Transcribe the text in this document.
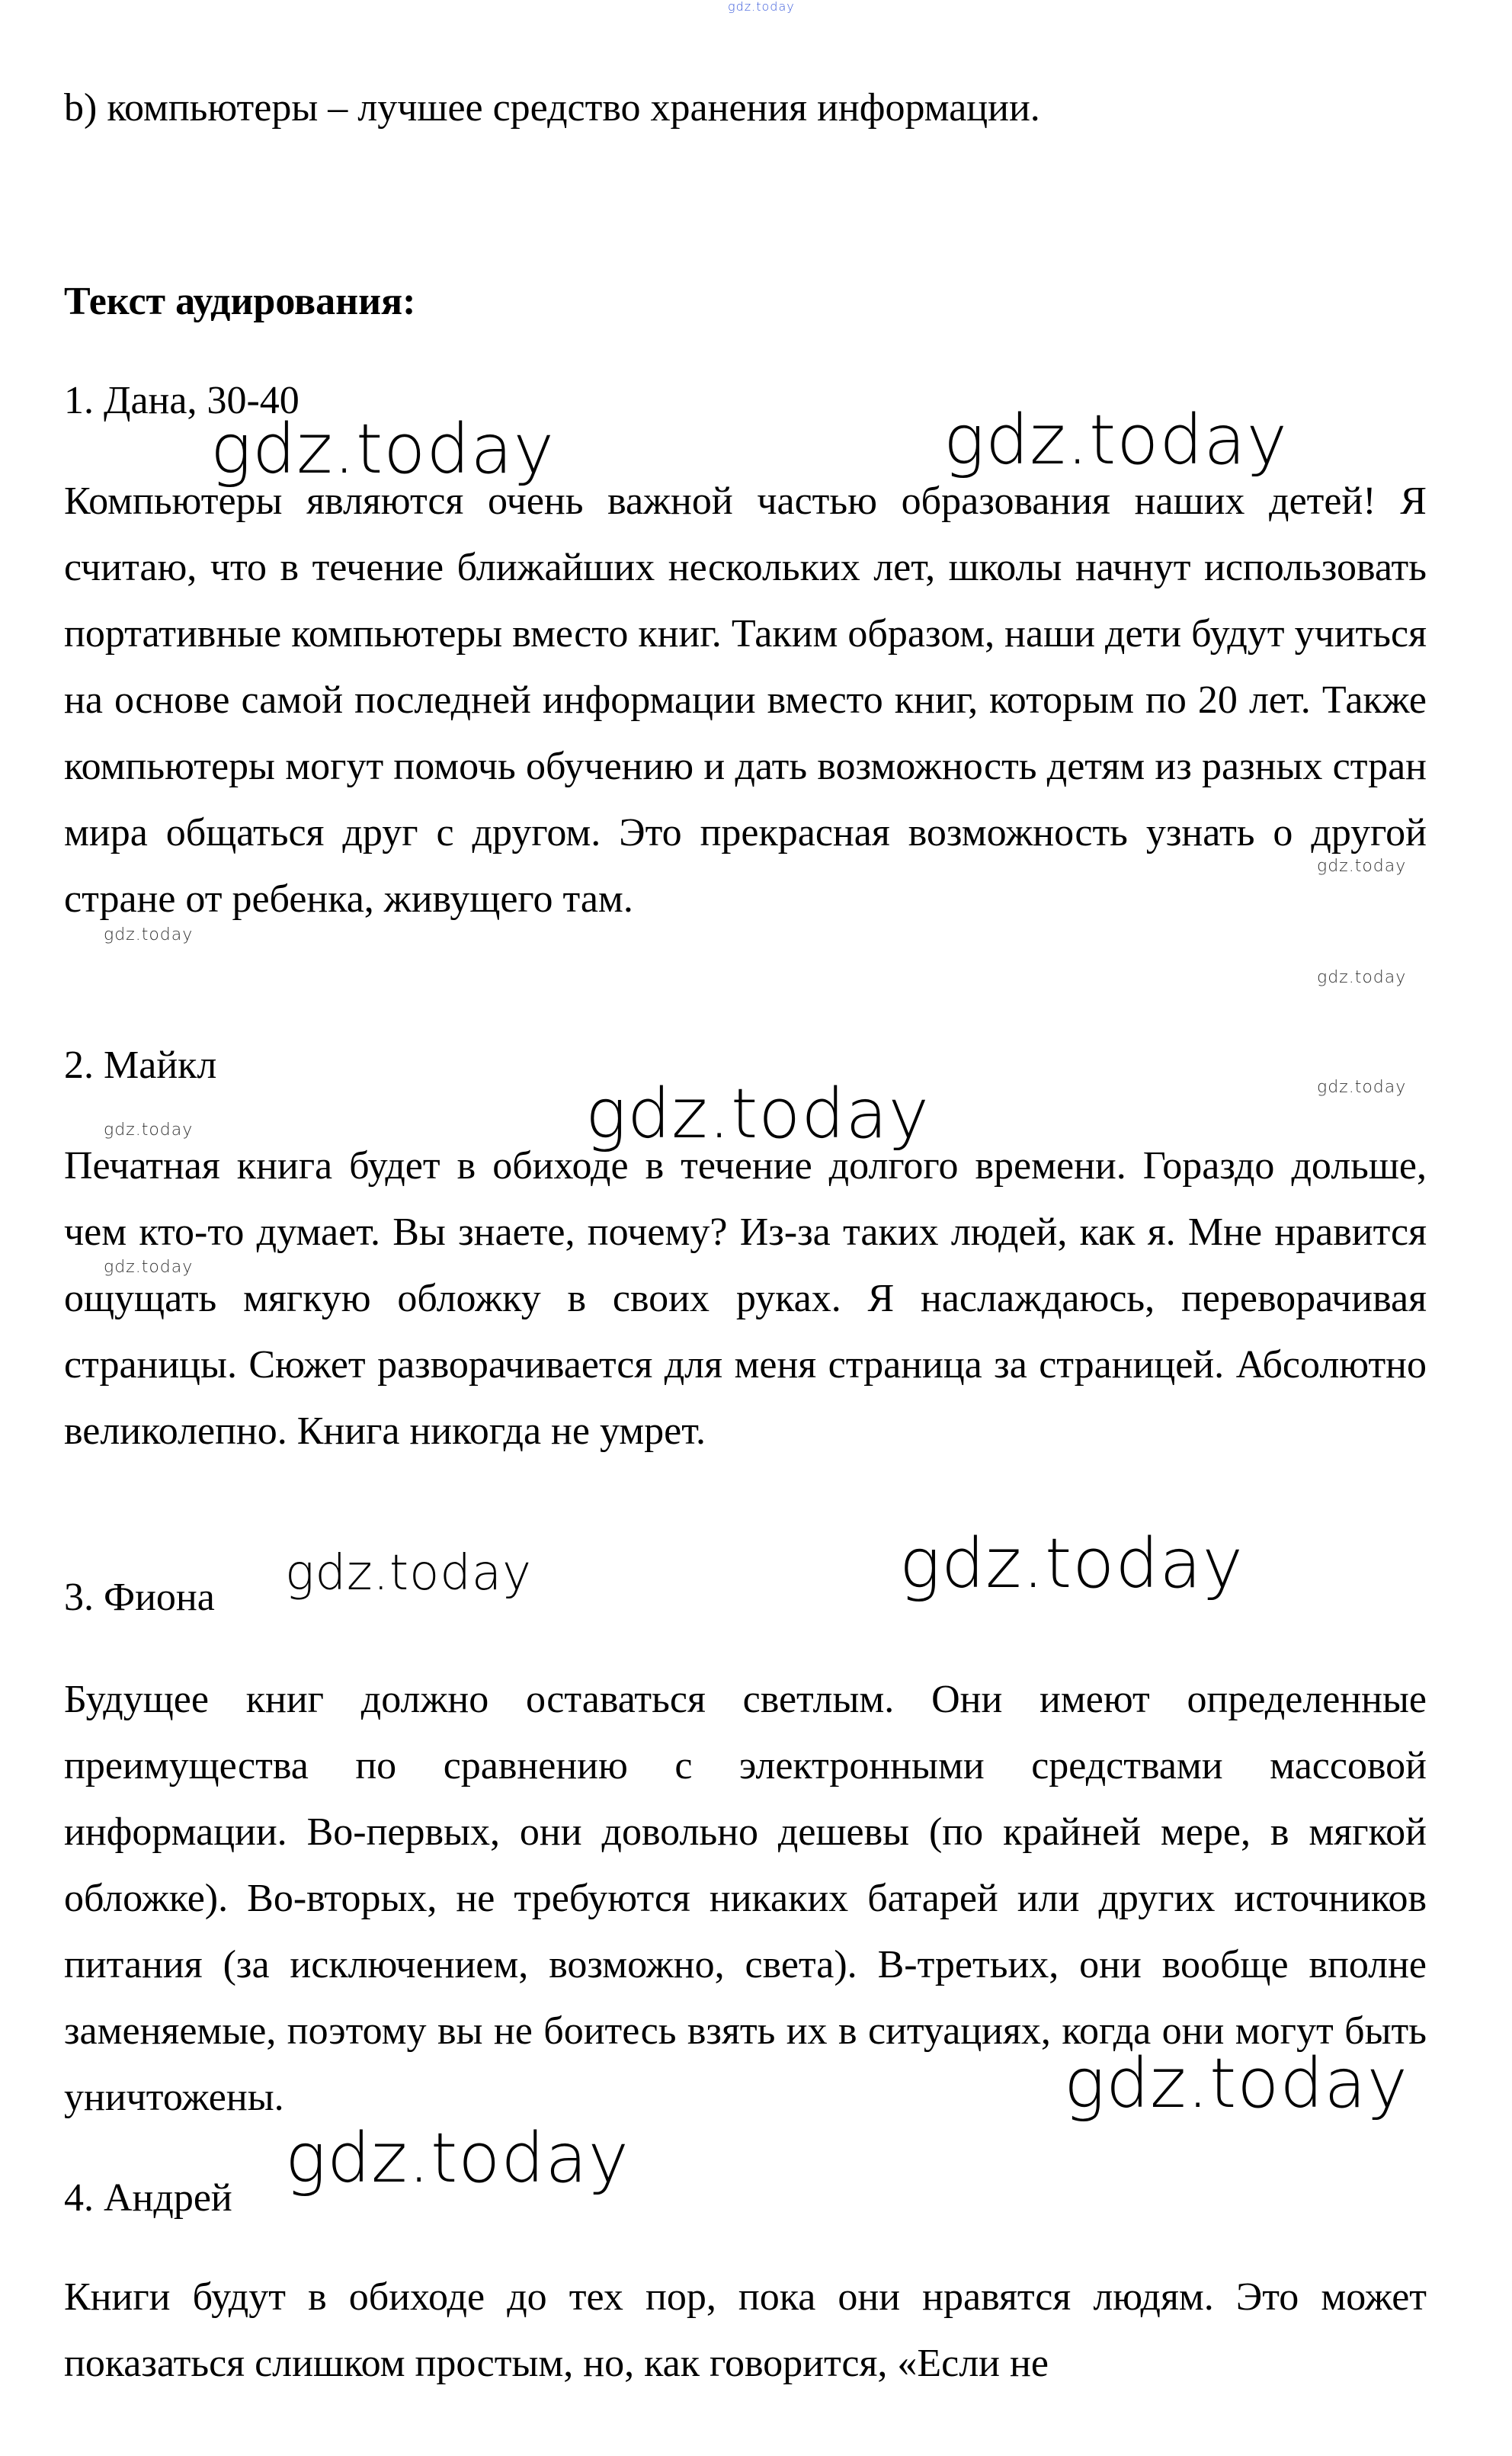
gdz.today
b) компьютеры – лучшее средство хранения информации.
Текст аудирования:
1. Дана, 30-40
Компьютеры являются очень важной частью образования наших детей! Я считаю, что в течение ближайших нескольких лет, школы начнут использовать портативные компьютеры вместо книг. Таким образом, наши дети будут учиться на основе самой последней информации вместо книг, которым по 20 лет. Также компьютеры могут помочь обучению и дать возможность детям из разных стран мира общаться друг с другом. Это прекрасная возможность узнать о другой стране от ребенка, живущего там.
2. Майкл
Печатная книга будет в обиходе в течение долгого времени. Гораздо дольше, чем кто-то думает. Вы знаете, почему? Из-за таких людей, как я. Мне нравится ощущать мягкую обложку в своих руках. Я наслаждаюсь, переворачивая страницы. Сюжет разворачивается для меня страница за страницей. Абсолютно великолепно. Книга никогда не умрет.
3. Фиона
Будущее книг должно оставаться светлым. Они имеют определенные преимущества по сравнению с электронными средствами массовой информации. Во-первых, они довольно дешевы (по крайней мере, в мягкой обложке). Во-вторых, не требуются никаких батарей или других источников питания (за исключением, возможно, света). В-третьих, они вообще вполне заменяемые, поэтому вы не боитесь взять их в ситуациях, когда они могут быть уничтожены.
4. Андрей
Книги будут в обиходе до тех пор, пока они нравятся людям. Это может показаться слишком простым, но, как говорится, «Если не
gdz.today	gdz.today
gdz.today
gdz.today
gdz.today
gdz.today
gdz.today
gdz.today
gdz.today
gdz.today	gdz.today
gdz.today
gdz.today
